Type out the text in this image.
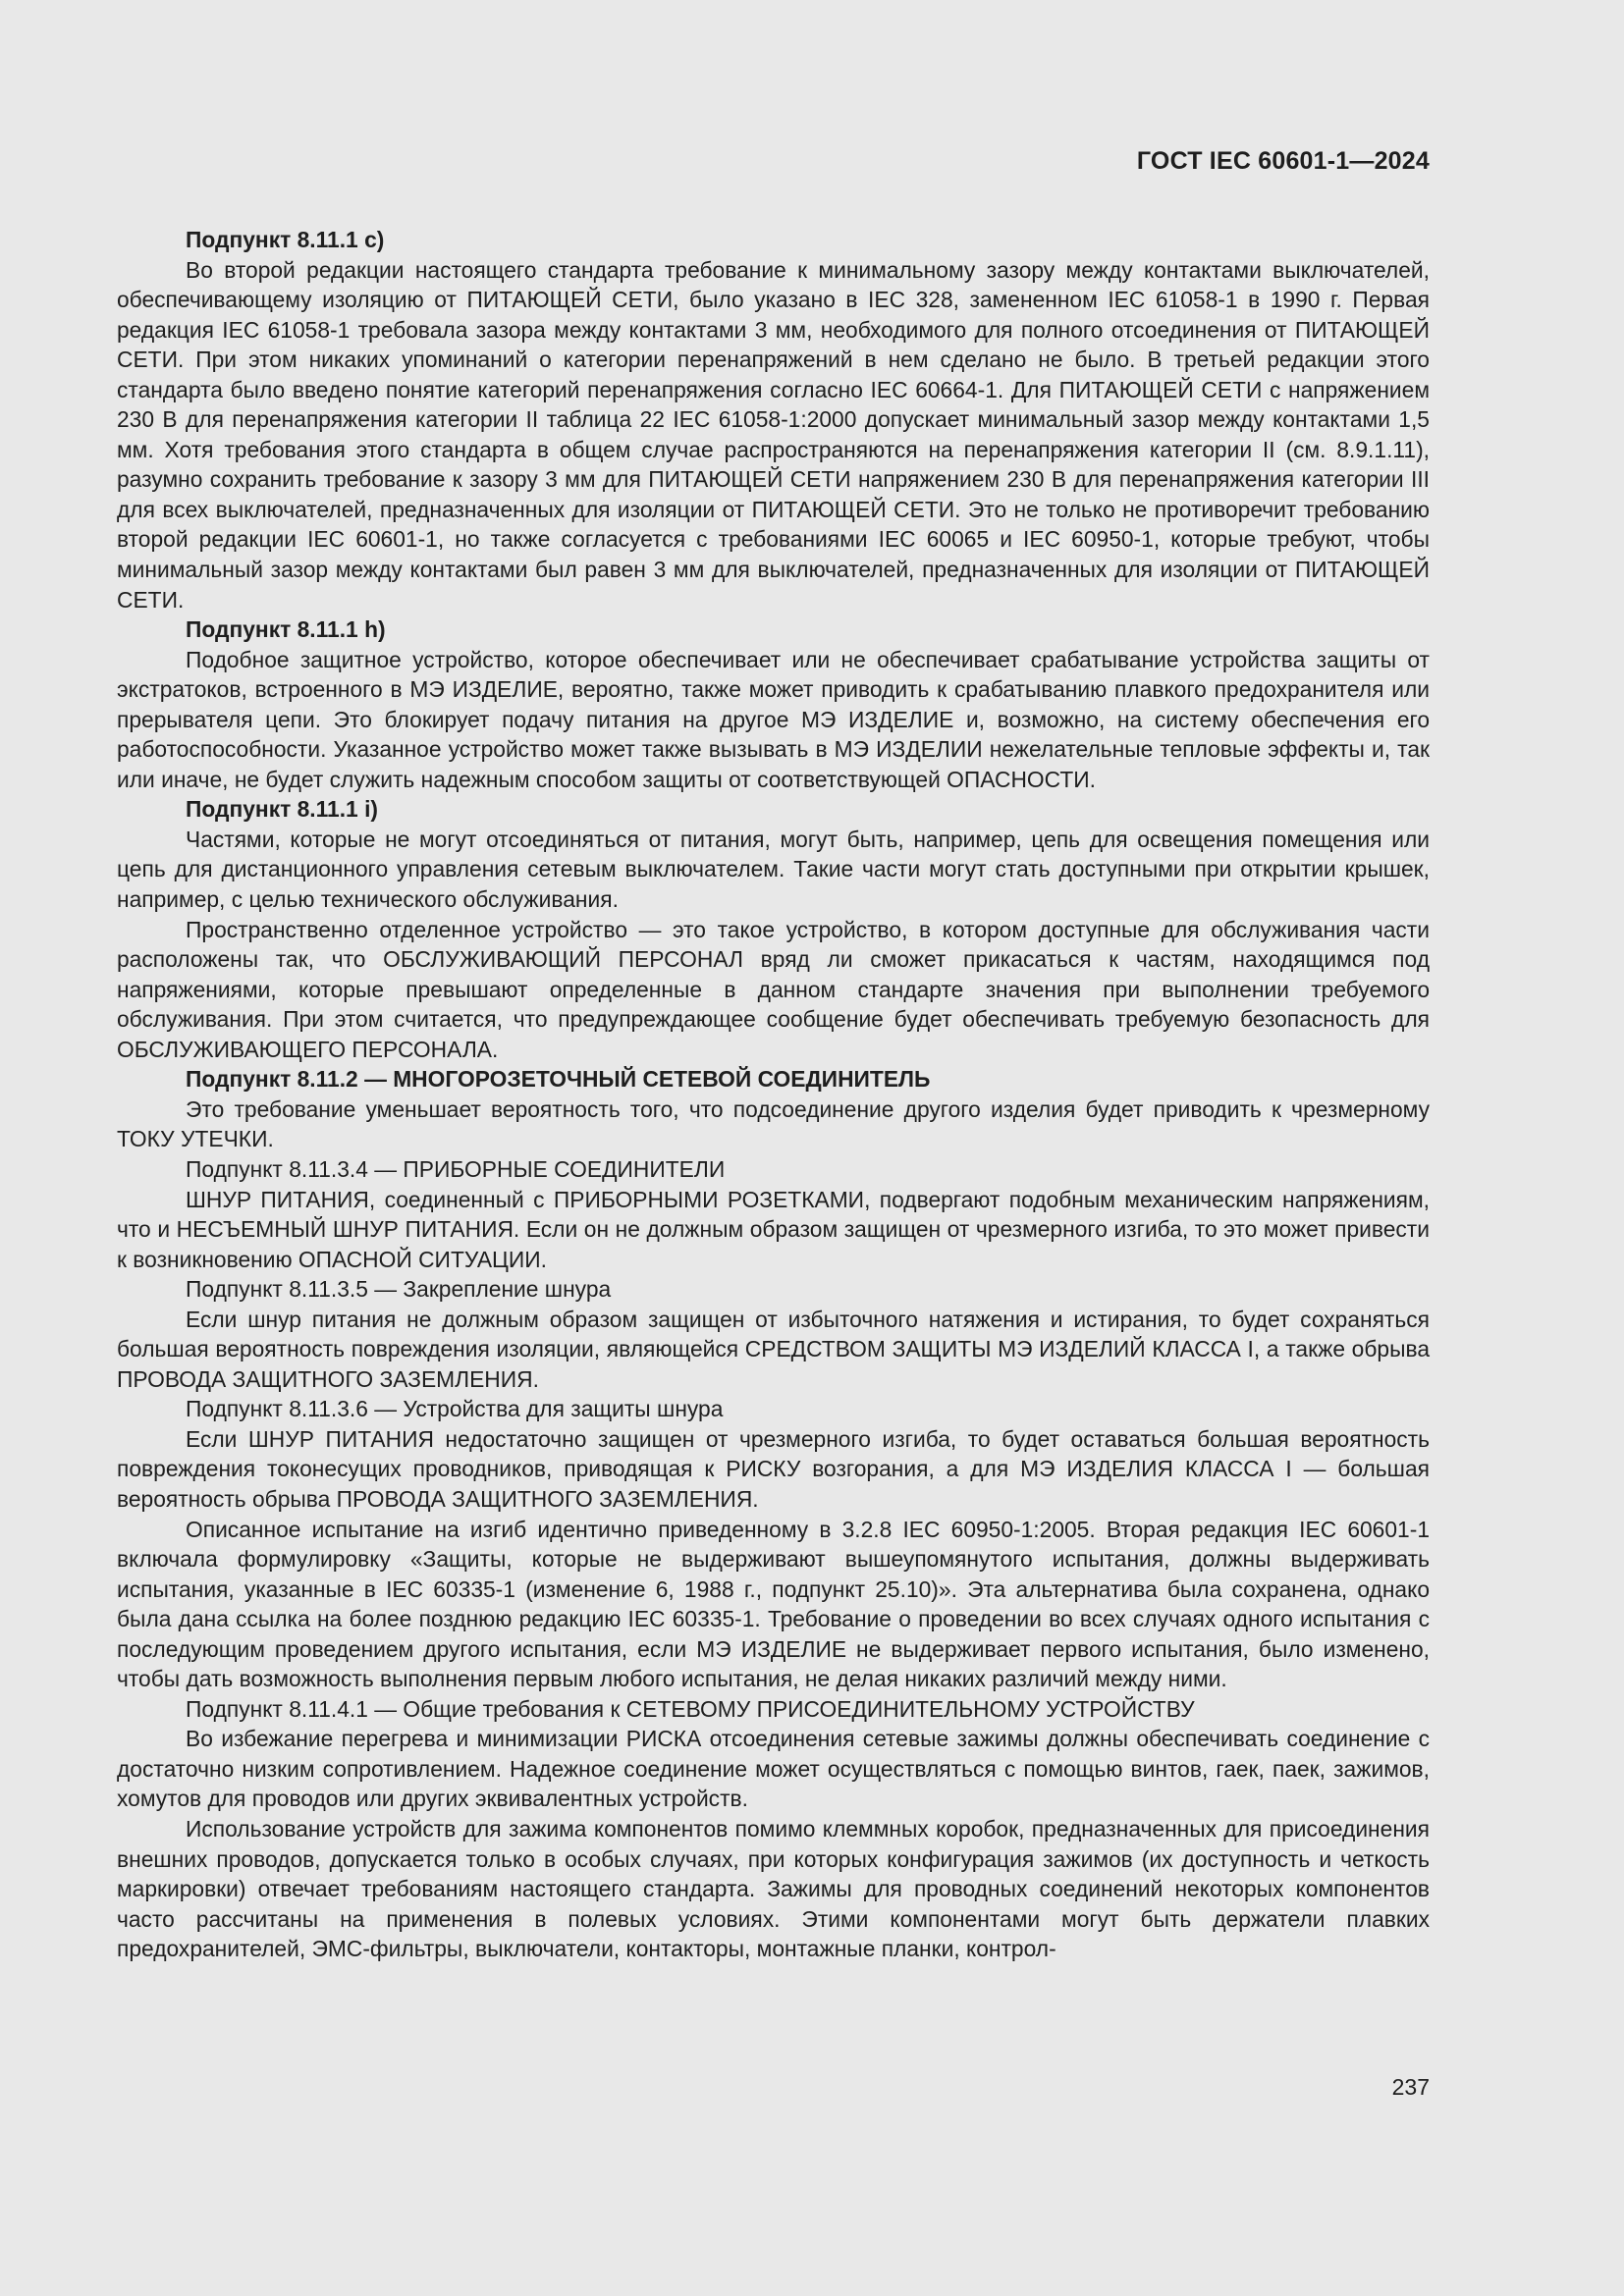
ГОСТ IEC 60601-1—2024

Подпункт 8.11.1 c)

Во второй редакции настоящего стандарта требование к минимальному зазору между контактами выключателей, обеспечивающему изоляцию от ПИТАЮЩЕЙ СЕТИ, было указано в IEC 328, замененном IEC 61058-1 в 1990 г. Первая редакция IEC 61058-1 требовала зазора между контактами 3 мм, необходимого для полного отсоединения от ПИТАЮЩЕЙ СЕТИ. При этом никаких упоминаний о категории перенапряжений в нем сделано не было. В третьей редакции этого стандарта было введено понятие категорий перенапряжения согласно IEC 60664-1. Для ПИТАЮЩЕЙ СЕТИ с напряжением 230 В для перенапряжения категории II таблица 22 IEC 61058-1:2000 допускает минимальный зазор между контактами 1,5 мм. Хотя требования этого стандарта в общем случае распространяются на перенапряжения категории II (см. 8.9.1.11), разумно сохранить требование к зазору 3 мм для ПИТАЮЩЕЙ СЕТИ напряжением 230 В для перенапряжения категории III для всех выключателей, предназначенных для изоляции от ПИТАЮЩЕЙ СЕТИ. Это не только не противоречит требованию второй редакции IEC 60601-1, но также согласуется с требованиями IEC 60065 и IEC 60950-1, которые требуют, чтобы минимальный зазор между контактами был равен 3 мм для выключателей, предназначенных для изоляции от ПИТАЮЩЕЙ СЕТИ.

Подпункт 8.11.1 h)

Подобное защитное устройство, которое обеспечивает или не обеспечивает срабатывание устройства защиты от экстратоков, встроенного в МЭ ИЗДЕЛИЕ, вероятно, также может приводить к срабатыванию плавкого предохранителя или прерывателя цепи. Это блокирует подачу питания на другое МЭ ИЗДЕЛИЕ и, возможно, на систему обеспечения его работоспособности. Указанное устройство может также вызывать в МЭ ИЗДЕЛИИ нежелательные тепловые эффекты и, так или иначе, не будет служить надежным способом защиты от соответствующей ОПАСНОСТИ.

Подпункт 8.11.1 i)

Частями, которые не могут отсоединяться от питания, могут быть, например, цепь для освещения помещения или цепь для дистанционного управления сетевым выключателем. Такие части могут стать доступными при открытии крышек, например, с целью технического обслуживания.

Пространственно отделенное устройство — это такое устройство, в котором доступные для обслуживания части расположены так, что ОБСЛУЖИВАЮЩИЙ ПЕРСОНАЛ вряд ли сможет прикасаться к частям, находящимся под напряжениями, которые превышают определенные в данном стандарте значения при выполнении требуемого обслуживания. При этом считается, что предупреждающее сообщение будет обеспечивать требуемую безопасность для ОБСЛУЖИВАЮЩЕГО ПЕРСОНАЛА.

Подпункт 8.11.2 — МНОГОРОЗЕТОЧНЫЙ СЕТЕВОЙ СОЕДИНИТЕЛЬ

Это требование уменьшает вероятность того, что подсоединение другого изделия будет приводить к чрезмерному ТОКУ УТЕЧКИ.

Подпункт 8.11.3.4 — ПРИБОРНЫЕ СОЕДИНИТЕЛИ

ШНУР ПИТАНИЯ, соединенный с ПРИБОРНЫМИ РОЗЕТКАМИ, подвергают подобным механическим напряжениям, что и НЕСЪЕМНЫЙ ШНУР ПИТАНИЯ. Если он не должным образом защищен от чрезмерного изгиба, то это может привести к возникновению ОПАСНОЙ СИТУАЦИИ.

Подпункт 8.11.3.5 — Закрепление шнура

Если шнур питания не должным образом защищен от избыточного натяжения и истирания, то будет сохраняться большая вероятность повреждения изоляции, являющейся СРЕДСТВОМ ЗАЩИТЫ МЭ ИЗДЕЛИЙ КЛАССА I, а также обрыва ПРОВОДА ЗАЩИТНОГО ЗАЗЕМЛЕНИЯ.

Подпункт 8.11.3.6 — Устройства для защиты шнура

Если ШНУР ПИТАНИЯ недостаточно защищен от чрезмерного изгиба, то будет оставаться большая вероятность повреждения токонесущих проводников, приводящая к РИСКУ возгорания, а для МЭ ИЗДЕЛИЯ КЛАССА I — большая вероятность обрыва ПРОВОДА ЗАЩИТНОГО ЗАЗЕМЛЕНИЯ.

Описанное испытание на изгиб идентично приведенному в 3.2.8 IEC 60950-1:2005. Вторая редакция IEC 60601-1 включала формулировку «Защиты, которые не выдерживают вышеупомянутого испытания, должны выдерживать испытания, указанные в IEC 60335-1 (изменение 6, 1988 г., подпункт 25.10)». Эта альтернатива была сохранена, однако была дана ссылка на более позднюю редакцию IEC 60335-1. Требование о проведении во всех случаях одного испытания с последующим проведением другого испытания, если МЭ ИЗДЕЛИЕ не выдерживает первого испытания, было изменено, чтобы дать возможность выполнения первым любого испытания, не делая никаких различий между ними.

Подпункт 8.11.4.1 — Общие требования к СЕТЕВОМУ ПРИСОЕДИНИТЕЛЬНОМУ УСТРОЙСТВУ

Во избежание перегрева и минимизации РИСКА отсоединения сетевые зажимы должны обеспечивать соединение с достаточно низким сопротивлением. Надежное соединение может осуществляться с помощью винтов, гаек, паек, зажимов, хомутов для проводов или других эквивалентных устройств.

Использование устройств для зажима компонентов помимо клеммных коробок, предназначенных для присоединения внешних проводов, допускается только в особых случаях, при которых конфигурация зажимов (их доступность и четкость маркировки) отвечает требованиям настоящего стандарта. Зажимы для проводных соединений некоторых компонентов часто рассчитаны на применения в полевых условиях. Этими компонентами могут быть держатели плавких предохранителей, ЭМС-фильтры, выключатели, контакторы, монтажные планки, контрол-

237
